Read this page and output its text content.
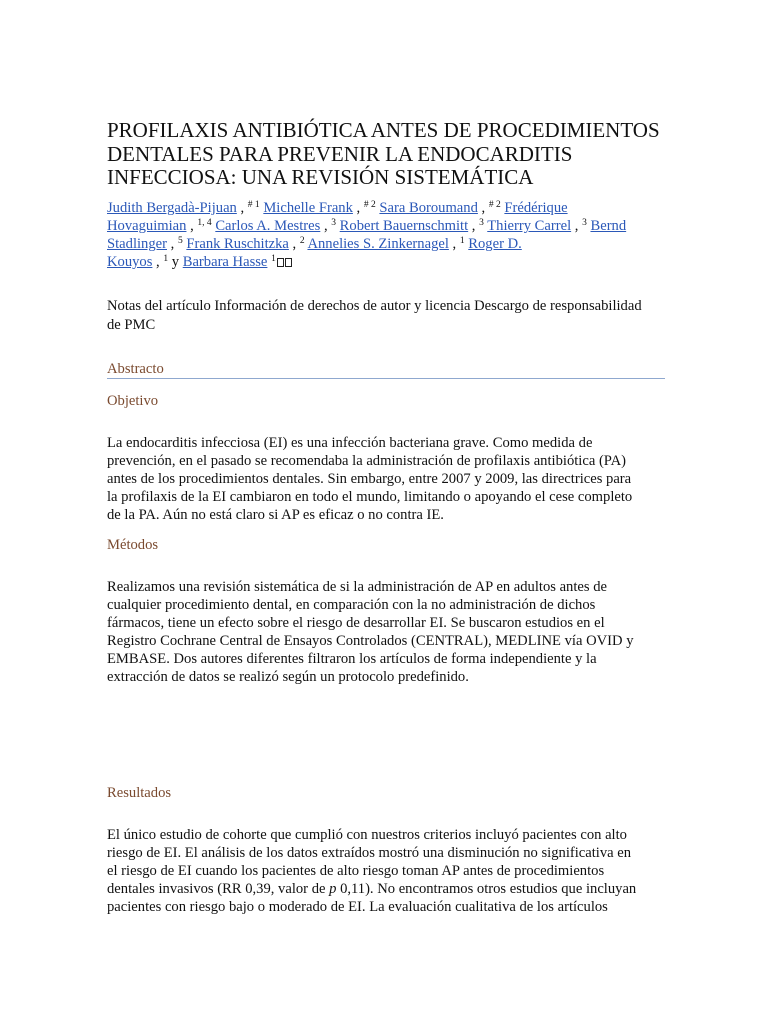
PROFILAXIS ANTIBIÓTICA ANTES DE PROCEDIMIENTOS
DENTALES PARA PREVENIR LA ENDOCARDITIS
INFECCIOSA: UNA REVISIÓN SISTEMÁTICA
Judith Bergadà-Pijuan , $^{\# 1}$ Michelle Frank , $^{\# 2}$ Sara Boroumand , $^{\# 2}$ Frédérique
Hovaguimian , $^{1, 4}$ Carlos A. Mestres , $^3$ Robert Bauernschmitt , $^3$ Thierry Carrel , $^3$ Bernd
Stadlinger , $^5$ Frank Ruschitzka , $^2$ Annelies S. Zinkernagel , $^1$ Roger D.
Kouyos , $^1$ y Barbara Hasse $^1$
Notas del artículo Información de derechos de autor y licencia Descargo de responsabilidad
de PMC
Abstracto
Objetivo
La endocarditis infecciosa (EI) es una infección bacteriana grave. Como medida de
prevención, en el pasado se recomendaba la administración de profilaxis antibiótica (PA)
antes de los procedimientos dentales. Sin embargo, entre 2007 y 2009, las directrices para
la profilaxis de la EI cambiaron en todo el mundo, limitando o apoyando el cese completo
de la PA. Aún no está claro si AP es eficaz o no contra IE.
Métodos
Realizamos una revisión sistemática de si la administración de AP en adultos antes de
cualquier procedimiento dental, en comparación con la no administración de dichos
fármacos, tiene un efecto sobre el riesgo de desarrollar EI. Se buscaron estudios en el
Registro Cochrane Central de Ensayos Controlados (CENTRAL), MEDLINE vía OVID y
EMBASE. Dos autores diferentes filtraron los artículos de forma independiente y la
extracción de datos se realizó según un protocolo predefinido.
Resultados
El único estudio de cohorte que cumplió con nuestros criterios incluyó pacientes con alto
riesgo de EI. El análisis de los datos extraídos mostró una disminución no significativa en
el riesgo de EI cuando los pacientes de alto riesgo toman AP antes de procedimientos
dentales invasivos (RR 0,39, valor de p 0,11). No encontramos otros estudios que incluyan
pacientes con riesgo bajo o moderado de EI. La evaluación cualitativa de los artículos
